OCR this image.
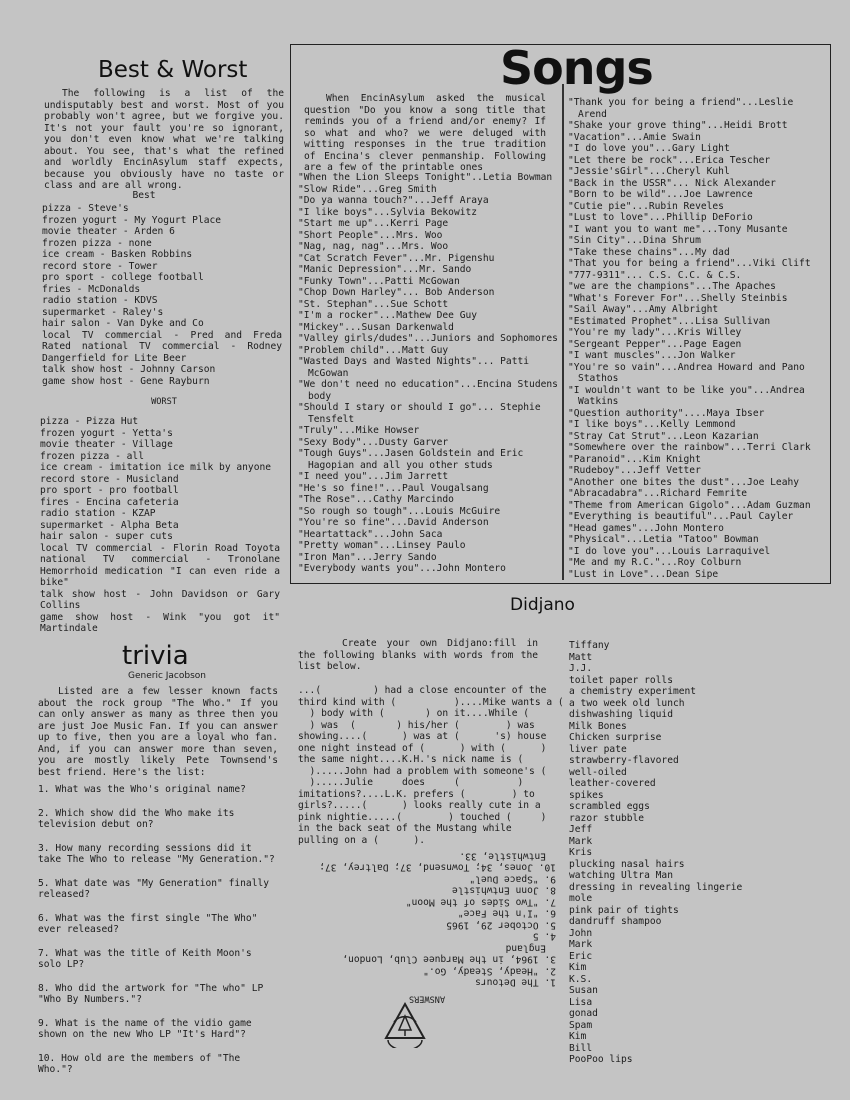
Best & Worst
The following is a list of the undisputably best and worst. Most of you probably won't agree, but we forgive you. It's not your fault you're so ignorant, you don't even know what we're talking about. You see, that's what the refined and worldly EncinAsylum staff expects, because you obviously have no taste or class and are all wrong.
Best
pizza - Steve's
frozen yogurt - My Yogurt Place
movie theater - Arden 6
frozen pizza - none
ice cream - Basken Robbins
record store - Tower
pro sport - college football
fries - McDonalds
radio station - KDVS
supermarket - Raley's
hair salon - Van Dyke and Co
local TV commercial - Pred and Freda Rated national TV commercial - Rodney Dangerfield for Lite Beer
talk show host - Johnny Carson
game show host - Gene Rayburn
WORST
pizza - Pizza Hut
frozen yogurt - Yetta's
movie theater - Village
frozen pizza - all
ice cream - imitation ice milk by anyone
record store - Musicland
pro sport - pro football
fires - Encina cafeteria
radio station - KZAP
supermarket - Alpha Beta
hair salon - super cuts
local TV commercial - Florin Road Toyota national TV commercial - Tronolane Hemorrhoid medication "I can even ride a bike"
talk show host - John Davidson or Gary Collins
game show host - Wink "you got it" Martindale
Songs
When EncinAsylum asked the musical question "Do you know a song title that reminds you of a friend and/or enemy? If so what and who? we were deluged with witting responses in the true tradition of Encina's clever penmanship. Following are a few of the printable ones
"When the Lion Sleeps Tonight"..Letia Bowman
"Slow Ride"...Greg Smith
"Do ya wanna touch?"...Jeff Araya
"I like boys"...Sylvia Bekowitz
"Start me up"...Kerri Page
"Short People"...Mrs. Woo
"Nag, nag, nag"...Mrs. Woo
"Cat Scratch Fever"...Mr. Pigenshu
"Manic Depression"...Mr. Sando
"Funky Town"...Patti McGowan
"Chop Down Harley"... Bob Anderson
"St. Stephan"...Sue Schott
"I'm a rocker"...Mathew Dee Guy
"Mickey"...Susan Darkenwald
"Valley girls/dudes"...Juniors and Sophomores
"Problem child"...Matt Guy
"Wasted Days and Wasted Nights"... Patti McGowan
"We don't need no education"...Encina Studens body
"Should I stary or should I go"... Stephie Tensfelt
"Truly"...Mike Howser
"Sexy Body"...Dusty Garver
"Tough Guys"...Jasen Goldstein and Eric Hagopian and all you other studs
"I need you"...Jim Jarrett
"He's so fine!"...Paul Vougalsang
"The Rose"...Cathy Marcindo
"So rough so tough"...Louis McGuire
"You're so fine"...David Anderson
"Heartattack"...John Saca
"Pretty woman"...Linsey Paulo
"Iron Man"...Jerry Sando
"Everybody wants you"...John Montero
"Thank you for being a friend"...Leslie Arend
"Shake your grove thing"...Heidi Brott
"Vacation"...Amie Swain
"I do love you"...Gary Light
"Let there be rock"...Erica Tescher
"Jessie'sGirl"...Cheryl Kuhl
"Back in the USSR"... Nick Alexander
"Born to be wild"...Joe Lawrence
"Cutie pie"...Rubin Reveles
"Lust to love"...Phillip DeForio
"I want you to want me"...Tony Musante
"Sin City"...Dina Shrum
"Take these chains"...My dad
"That you for being a friend"...Viki Clift
"777-9311"... C.S. C.C. & C.S.
"we are the champions"...The Apaches
"What's Forever For"...Shelly Steinbis
"Sail Away"...Amy Albright
"Estimated Prophet"...Lisa Sullivan
"You're my lady"...Kris Willey
"Sergeant Pepper"...Page Eagen
"I want muscles"...Jon Walker
"You're so vain"...Andrea Howard and Pano Stathos
"I wouldn't want to be like you"...Andrea Watkins
"Question authority"....Maya Ibser
"I like boys"...Kelly Lemmond
"Stray Cat Strut"...Leon Kazarian
"Somewhere over the rainbow"...Terri Clark
"Paranoid"...Kim Knight
"Rudeboy"...Jeff Vetter
"Another one bites the dust"...Joe Leahy
"Abracadabra"...Richard Femrite
"Theme from American Gigolo"...Adam Guzman
"Everything is beautiful"...Paul Cayler
"Head games"...John Montero
"Physical"...Letia "Tatoo" Bowman
"I do love you"...Louis Larraquivel
"Me and my R.C."...Roy Colburn
"Lust in Love"...Dean Sipe
Didjano
Create your own Didjano:fill in the following blanks with words from the list below.
...(         ) had a close encounter of the
third kind with (          )....Mike wants a (
) body with (       ) on it....While (
) was  (       ) his/her (        ) was
showing....(      ) was at (      's) house
one night instead of (      ) with (      )
the same night....K.H.'s nick name is (
).....John had a problem with someone's (
).....Julie     does     (          )
imitations?....L.K. prefers (        ) to
girls?.....(      ) looks really cute in a
pink nightie.....(        ) touched (     )
in the back seat of the Mustang while
pulling on a (      ).
Tiffany
Matt
J.J.
toilet paper rolls
a chemistry experiment
a two week old lunch
dishwashing liquid
Milk Bones
Chicken surprise
liver pate
strawberry-flavored
well-oiled
leather-covered
spikes
scrambled eggs
razor stubble
Jeff
Mark
Kris
plucking nasal hairs
watching Ultra Man
dressing in revealing lingerie
mole
pink pair of tights
dandruff shampoo
John
Mark
Eric
Kim
K.S.
Susan
Lisa
gonad
Spam
Kim
Bill
PooPoo lips
trivia
Generic Jacobson
Listed are a few lesser known facts about the rock group "The Who." If you can only answer as many as three then you are just Joe Music Fan. If you can answer up to five, then you are a loyal who fan. And, if you can answer more than seven, you are mostly likely Pete Townsend's best friend. Here's the list:
1. What was the Who's original name?
2. Which show did the Who make its television debut on?
3. How many recording sessions did it take The Who to release "My Generation."?
5. What date was "My Generation" finally released?
6. What was the first single "The Who" ever released?
7. What was the title of Keith Moon's solo LP?
8. Who did the artwork for "The who" LP "Who By Numbers."?
9. What is the name of the vidio game shown on the new Who LP "It's Hard"?
10. How old are the members of "The Who."?
ANSWERS
1. The Detours
2. "Heady, Steady, Go."
3. 1964, in the Marquee Club, London, England
4. 5
5. October 29, 1965
6. "I'n the Face"
7. "Two Sides of the Moon"
8. Jonn Entwhistle
9. "Space Duel"
10. Jones, 34; Townsend, 37; Daltrey, 37; Entwhistle, 33.
